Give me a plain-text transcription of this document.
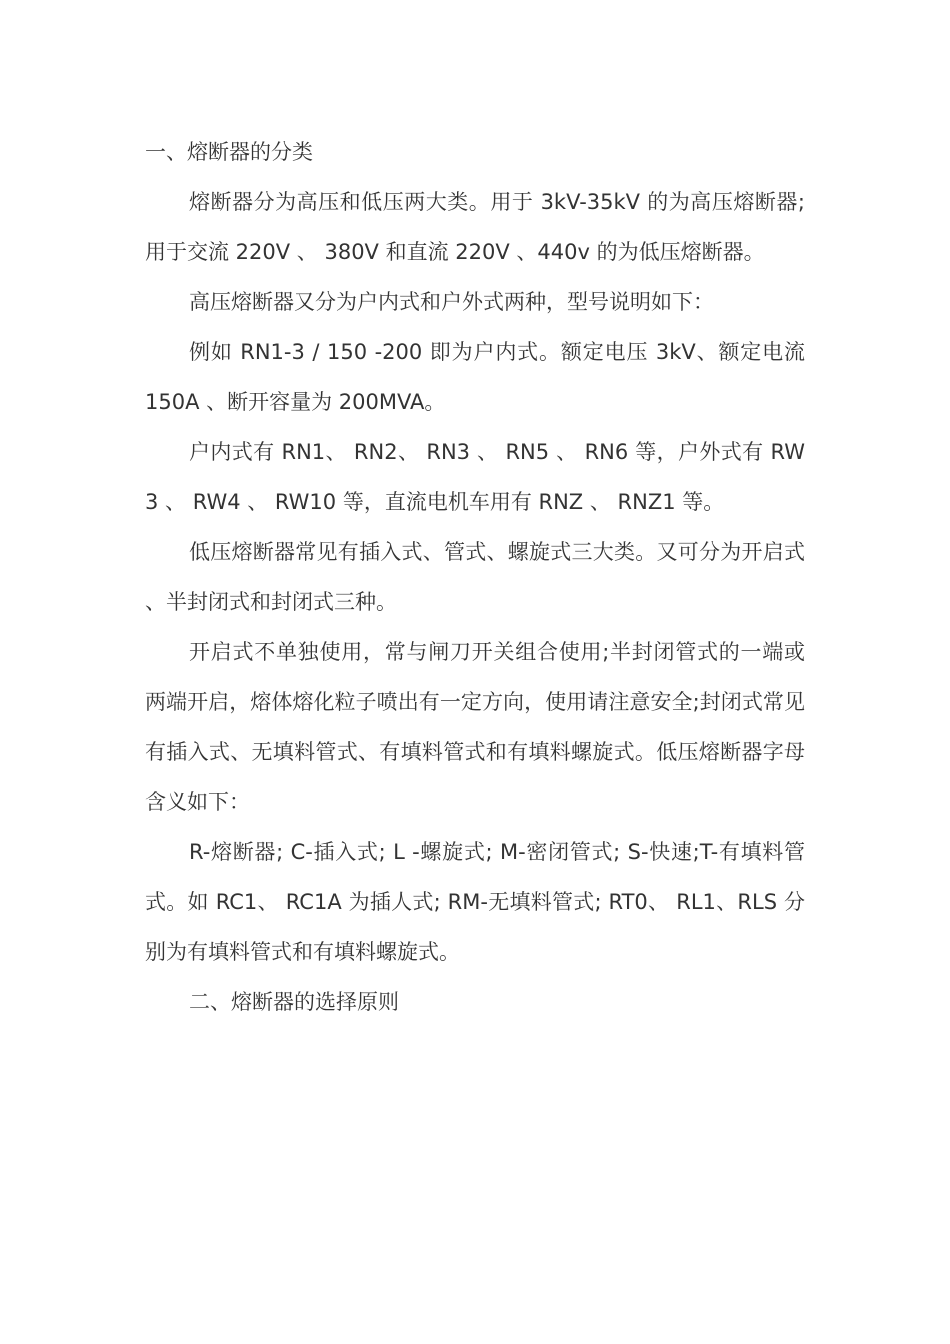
一、熔断器的分类

熔断器分为高压和低压两大类。用于 3kV-35kV 的为高压熔断器;用于交流 220V 、 380V 和直流 220V 、440v 的为低压熔断器。

高压熔断器又分为户内式和户外式两种，型号说明如下：

例如 RN1-3 / 150 -200 即为户内式。额定电压 3kV、额定电流 150A 、断开容量为 200MVA。

户内式有 RN1、 RN2、 RN3 、 RN5 、 RN6 等，户外式有 RW3 、 RW4 、 RW10 等，直流电机车用有 RNZ 、 RNZ1 等。

低压熔断器常见有插入式、管式、螺旋式三大类。又可分为开启式、半封闭式和封闭式三种。

开启式不单独使用，常与闸刀开关组合使用;半封闭管式的一端或两端开启，熔体熔化粒子喷出有一定方向，使用请注意安全;封闭式常见有插入式、无填料管式、有填料管式和有填料螺旋式。低压熔断器字母含义如下：

R-熔断器; C-插入式; L -螺旋式; M-密闭管式; S-快速;T-有填料管式。如 RC1、 RC1A 为插人式; RM-无填料管式; RT0、 RL1、RLS 分别为有填料管式和有填料螺旋式。

二、熔断器的选择原则
